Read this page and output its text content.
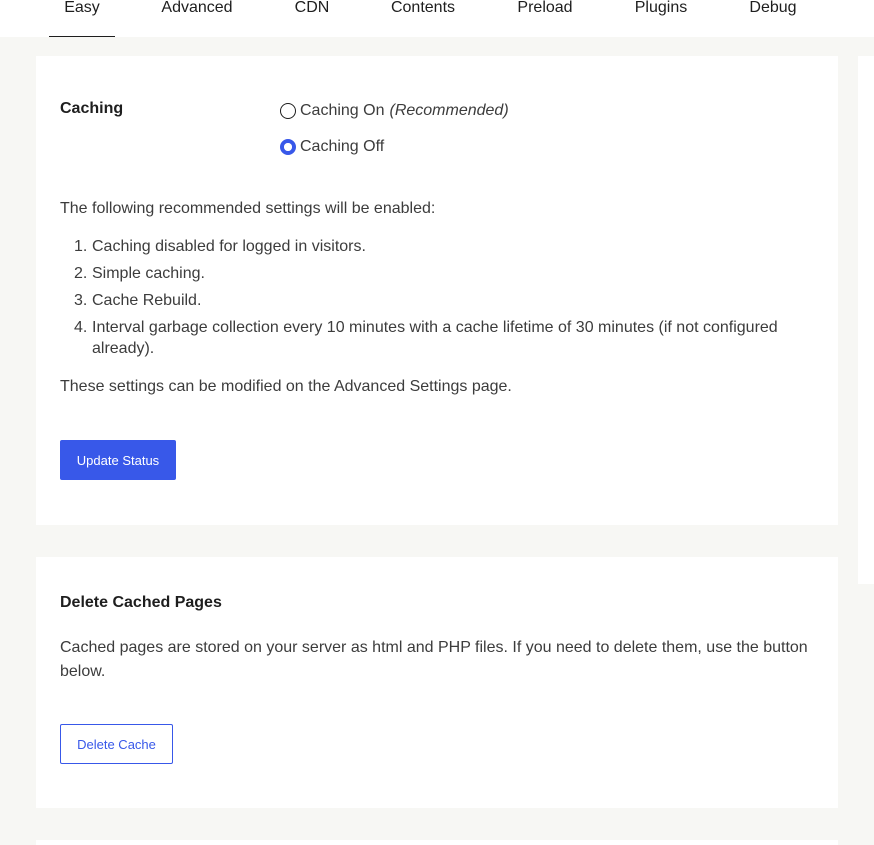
Easy	Advanced	CDN	Contents	Preload	Plugins	Debug
Caching	Caching On (Recommended)
Caching Off
The following recommended settings will be enabled:
1. Caching disabled for logged in visitors.
2. Simple caching.
3. Cache Rebuild.
4. Interval garbage collection every 10 minutes with a cache lifetime of 30 minutes (if not configured already).
These settings can be modified on the Advanced Settings page.
Update Status
Delete Cached Pages
Cached pages are stored on your server as html and PHP files. If you need to delete them, use the button below.
Delete Cache
